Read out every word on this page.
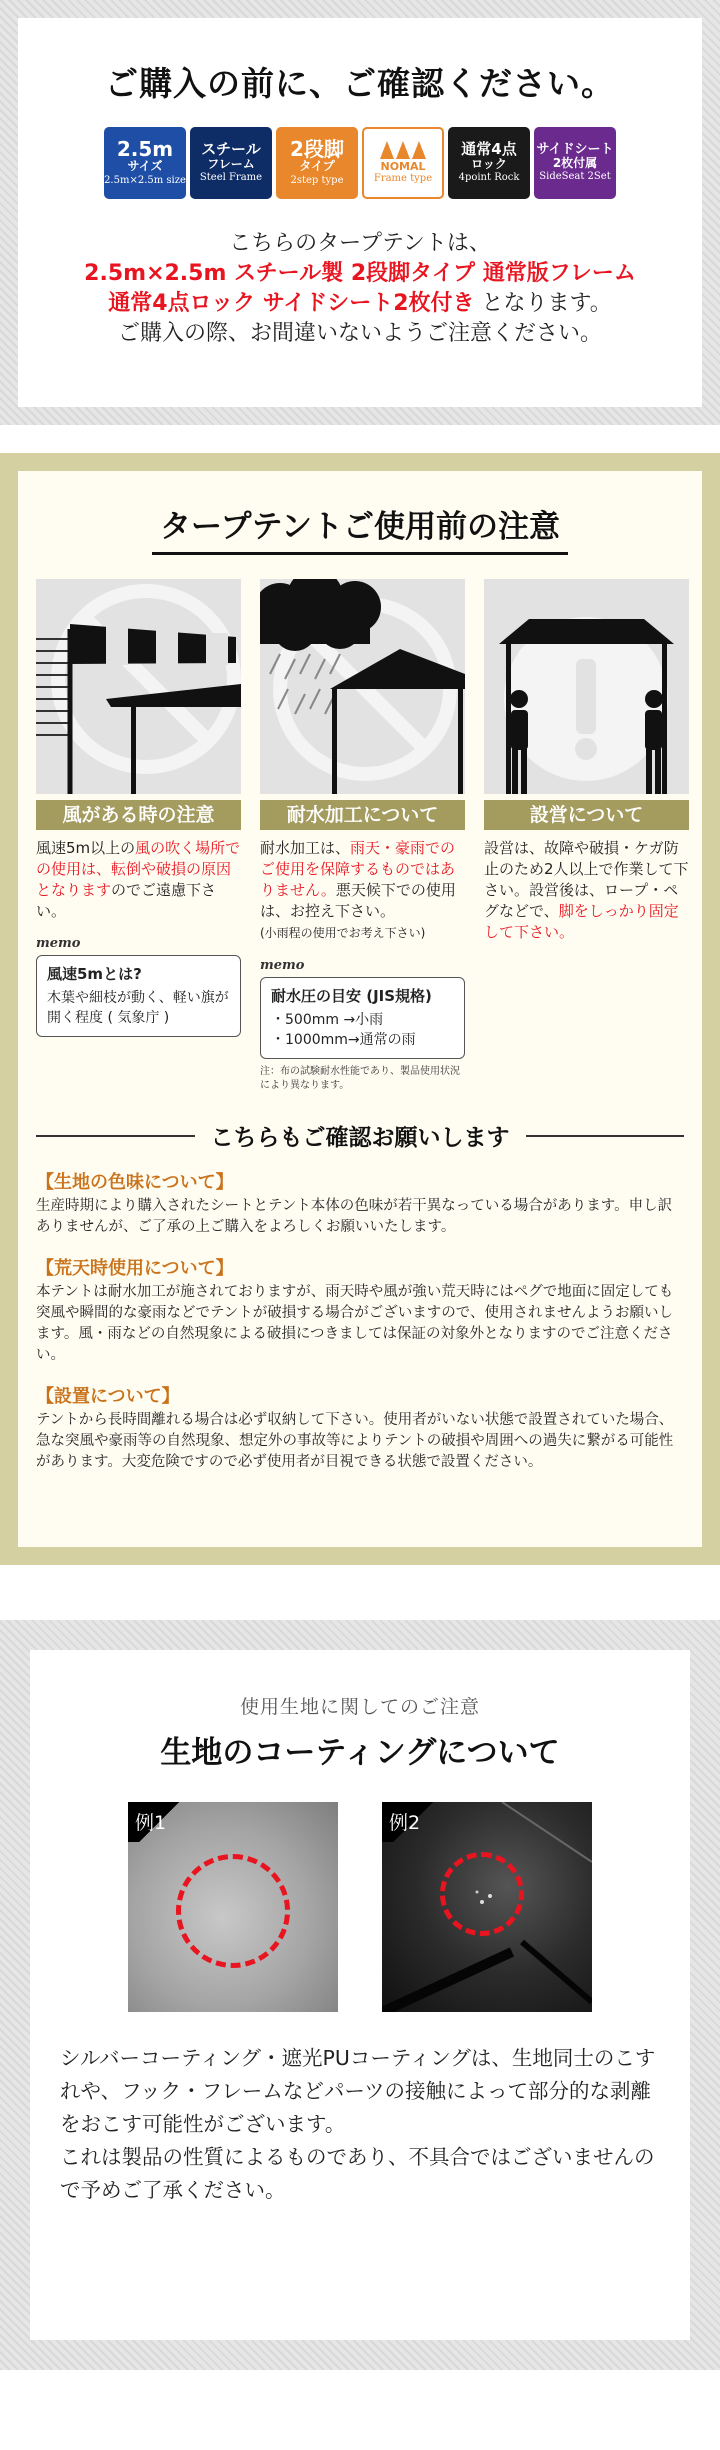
ご購入の前に、ご確認ください。
2.5m
サイズ
2.5m×2.5m size
スチール
フレーム
Steel Frame
2段脚
タイプ
2step type
NOMAL
Frame type
通常4点
ロック
4point Rock
サイドシート
2枚付属
SideSeat 2Set
こちらのタープテントは、
2.5m×2.5m スチール製 2段脚タイプ 通常版フレーム
通常4点ロック サイドシート2枚付き となります。
ご購入の際、お間違いないようご注意ください。
タープテントご使用前の注意
風がある時の注意
風速5m以上の風の吹く場所での使用は、転倒や破損の原因となりますのでご遠慮下さい。
memo
風速5mとは?
木葉や細枝が動く、軽い旗が開く程度 ( 気象庁 )
耐水加工について
耐水加工は、雨天・豪雨でのご使用を保障するものではありません。悪天候下での使用は、お控え下さい。
(小雨程の使用でお考え下さい)
memo
耐水圧の目安 (JIS規格)
・500mm →小雨
・1000mm→通常の雨
注：布の試験耐水性能であり、製品使用状況により異なります。
設営について
設営は、故障や破損・ケガ防止のため2人以上で作業して下さい。設営後は、ロープ・ペグなどで、脚をしっかり固定して下さい。
こちらもご確認お願いします
【生地の色味について】

生産時期により購入されたシートとテント本体の色味が若干異なっている場合があります。申し訳ありませんが、ご了承の上ご購入をよろしくお願いいたします。

【荒天時使用について】

本テントは耐水加工が施されておりますが、雨天時や風が強い荒天時にはペグで地面に固定しても突風や瞬間的な豪雨などでテントが破損する場合がございますので、使用されませんようお願いします。風・雨などの自然現象による破損につきましては保証の対象外となりますのでご注意ください。

【設置について】

テントから長時間離れる場合は必ず収納して下さい。使用者がいない状態で設置されていた場合、急な突風や豪雨等の自然現象、想定外の事故等によりテントの破損や周囲への過失に繋がる可能性があります。大変危険ですので必ず使用者が目視できる状態で設置ください。

使用生地に関してのご注意
生地のコーティングについて
例1	例2
シルバーコーティング・遮光PUコーティングは、生地同士のこすれや、フック・フレームなどパーツの接触によって部分的な剥離をおこす可能性がございます。
これは製品の性質によるものであり、不具合ではございませんので予めご了承ください。
